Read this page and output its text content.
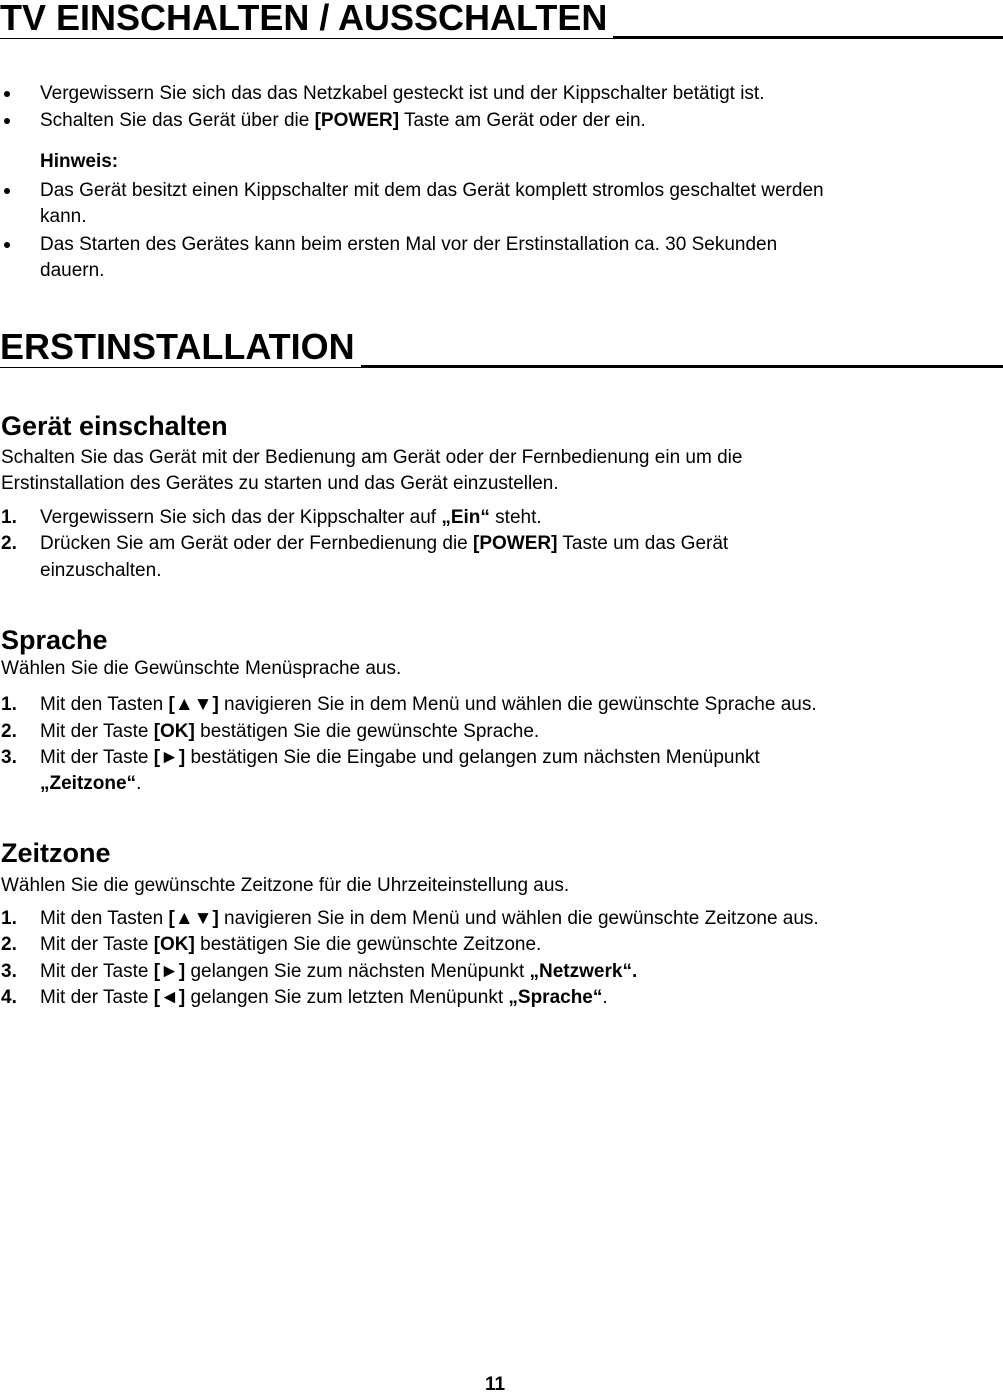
TV EINSCHALTEN / AUSSCHALTEN
Vergewissern Sie sich das das Netzkabel gesteckt ist und der Kippschalter betätigt ist.
Schalten Sie das Gerät über die [POWER] Taste am Gerät oder der ein.
Hinweis:
Das Gerät besitzt einen Kippschalter mit dem das Gerät komplett stromlos geschaltet werden
kann.
Das Starten des Gerätes kann beim ersten Mal vor der Erstinstallation ca. 30 Sekunden
dauern.
ERSTINSTALLATION
Gerät einschalten
Schalten Sie das Gerät mit der Bedienung am Gerät oder der Fernbedienung ein um die
Erstinstallation des Gerätes zu starten und das Gerät einzustellen.
1. Vergewissern Sie sich das der Kippschalter auf „Ein“ steht.
2. Drücken Sie am Gerät oder der Fernbedienung die [POWER] Taste um das Gerät
einzuschalten.
Sprache
Wählen Sie die Gewünschte Menüsprache aus.
1. Mit den Tasten [▲▼] navigieren Sie in dem Menü und wählen die gewünschte Sprache aus.
2. Mit der Taste [OK] bestätigen Sie die gewünschte Sprache.
3. Mit der Taste [►] bestätigen Sie die Eingabe und gelangen zum nächsten Menüpunkt
„Zeitzone“.
Zeitzone
Wählen Sie die gewünschte Zeitzone für die Uhrzeiteinstellung aus.
1. Mit den Tasten [▲▼] navigieren Sie in dem Menü und wählen die gewünschte Zeitzone aus.
2. Mit der Taste [OK] bestätigen Sie die gewünschte Zeitzone.
3. Mit der Taste [►] gelangen Sie zum nächsten Menüpunkt „Netzwerk“.
4. Mit der Taste [◄] gelangen Sie zum letzten Menüpunkt „Sprache“.
11
